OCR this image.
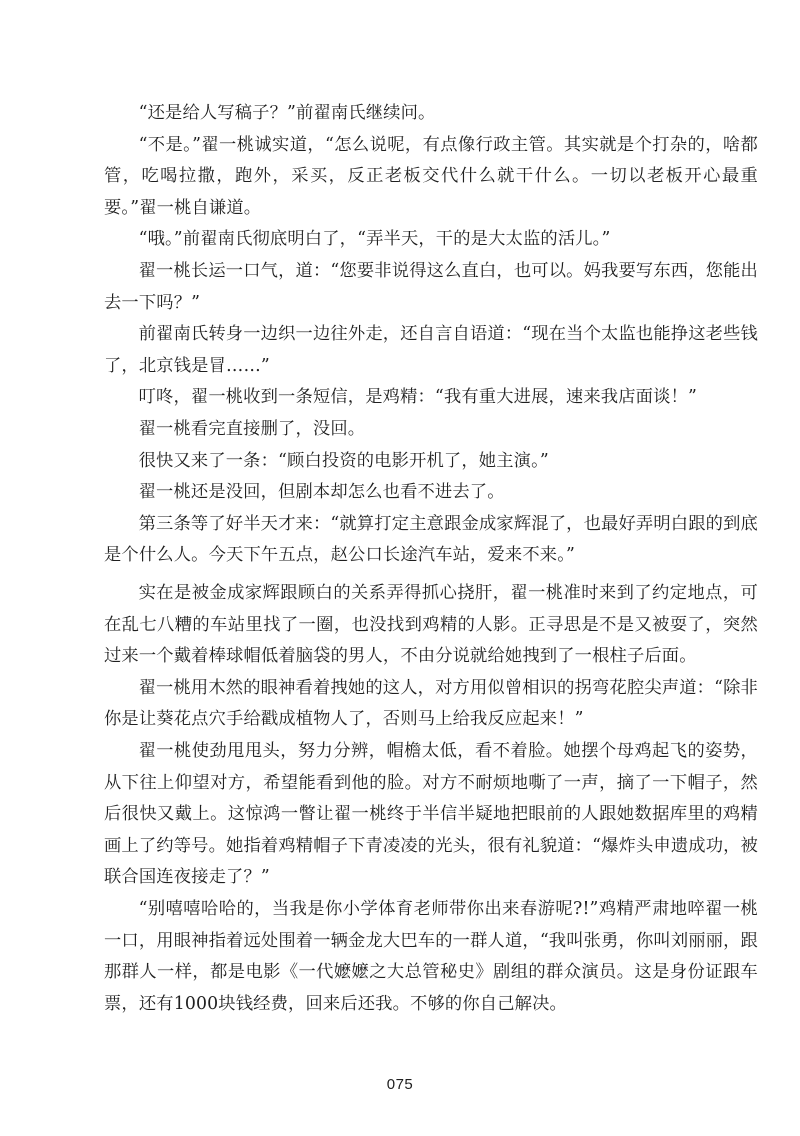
“还是给人写稿子？”前翟南氏继续问。

“不是。”翟一桃诚实道，“怎么说呢，有点像行政主管。其实就是个打杂的，啥都管，吃喝拉撒，跑外，采买，反正老板交代什么就干什么。一切以老板开心最重要。”翟一桃自谦道。

“哦。”前翟南氏彻底明白了，“弄半天，干的是大太监的活儿。”

翟一桃长运一口气，道：“您要非说得这么直白，也可以。妈我要写东西，您能出去一下吗？”

前翟南氏转身一边织一边往外走，还自言自语道：“现在当个太监也能挣这老些钱了，北京钱是冒……”

叮咚，翟一桃收到一条短信，是鸡精：“我有重大进展，速来我店面谈！”

翟一桃看完直接删了，没回。

很快又来了一条：“顾白投资的电影开机了，她主演。”

翟一桃还是没回，但剧本却怎么也看不进去了。

第三条等了好半天才来：“就算打定主意跟金成家辉混了，也最好弄明白跟的到底是个什么人。今天下午五点，赵公口长途汽车站，爱来不来。”

实在是被金成家辉跟顾白的关系弄得抓心挠肝，翟一桃准时来到了约定地点，可在乱七八糟的车站里找了一圈，也没找到鸡精的人影。正寻思是不是又被耍了，突然过来一个戴着棒球帽低着脑袋的男人，不由分说就给她拽到了一根柱子后面。

翟一桃用木然的眼神看着拽她的这人，对方用似曾相识的拐弯花腔尖声道：“除非你是让葵花点穴手给戳成植物人了，否则马上给我反应起来！”

翟一桃使劲甩甩头，努力分辨，帽檐太低，看不着脸。她摆个母鸡起飞的姿势，从下往上仰望对方，希望能看到他的脸。对方不耐烦地嘶了一声，摘了一下帽子，然后很快又戴上。这惊鸿一瞥让翟一桃终于半信半疑地把眼前的人跟她数据库里的鸡精画上了约等号。她指着鸡精帽子下青凌凌的光头，很有礼貌道：“爆炸头申遗成功，被联合国连夜接走了？”

“别嘻嘻哈哈的，当我是你小学体育老师带你出来春游呢?!”鸡精严肃地啐翟一桃一口，用眼神指着远处围着一辆金龙大巴车的一群人道，“我叫张勇，你叫刘丽丽，跟那群人一样，都是电影《一代嬷嬷之大总管秘史》剧组的群众演员。这是身份证跟车票，还有1000块钱经费，回来后还我。不够的你自己解决。

075
